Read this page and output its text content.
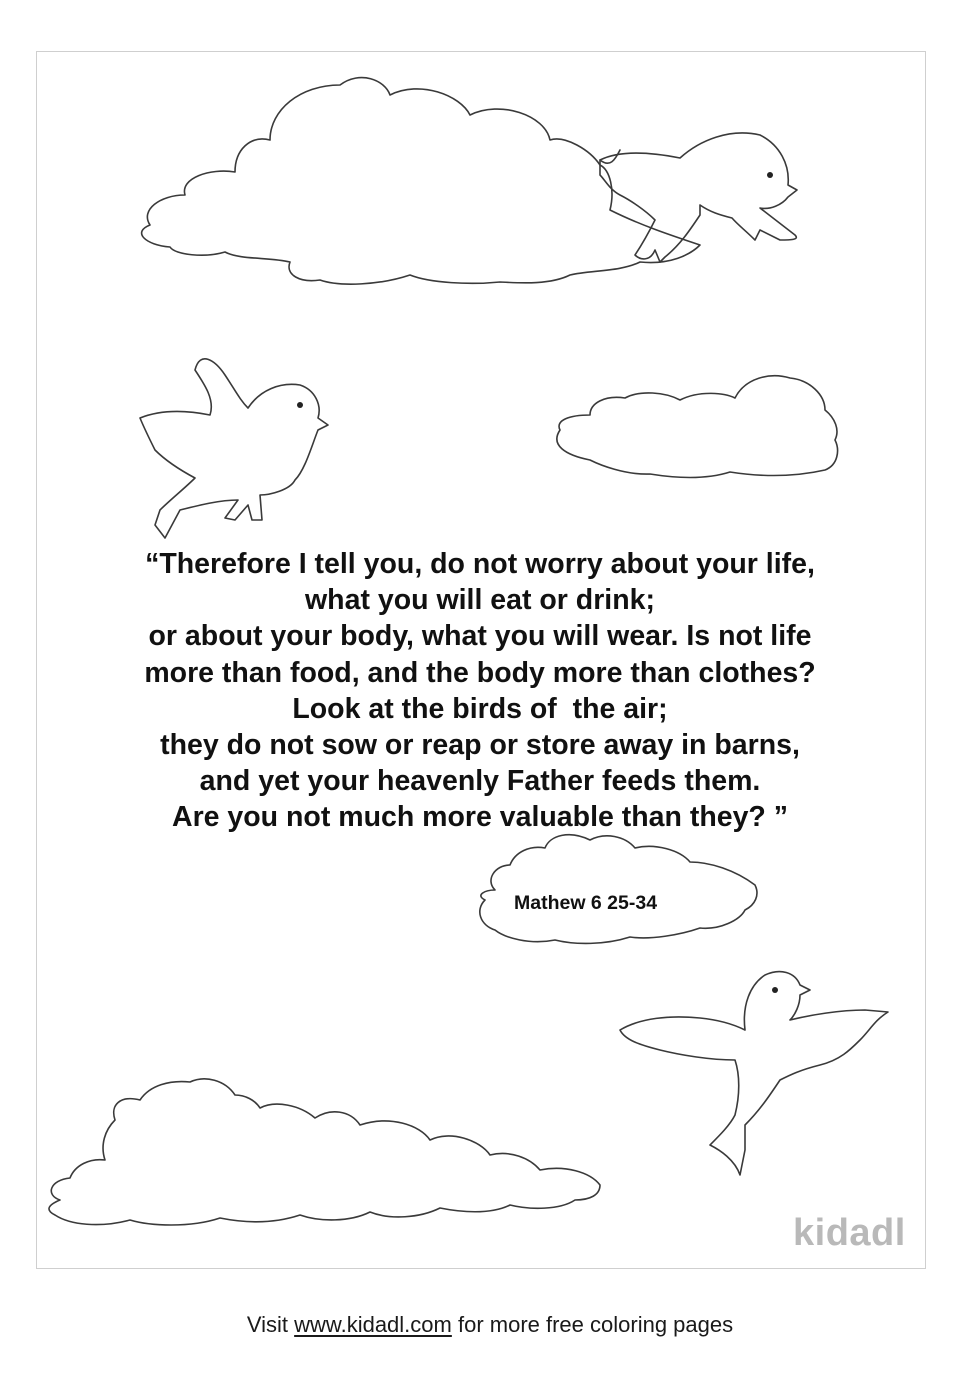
“Therefore I tell you, do not worry about your life,
what you will eat or drink;
or about your body, what you will wear. Is not life
more than food, and the body more than clothes?
Look at the birds of  the air;
they do not sow or reap or store away in barns,
and yet your heavenly Father feeds them.
Are you not much more valuable than they? ”
Mathew 6 25-34
kidadl
Visit www.kidadl.com for more free coloring pages
